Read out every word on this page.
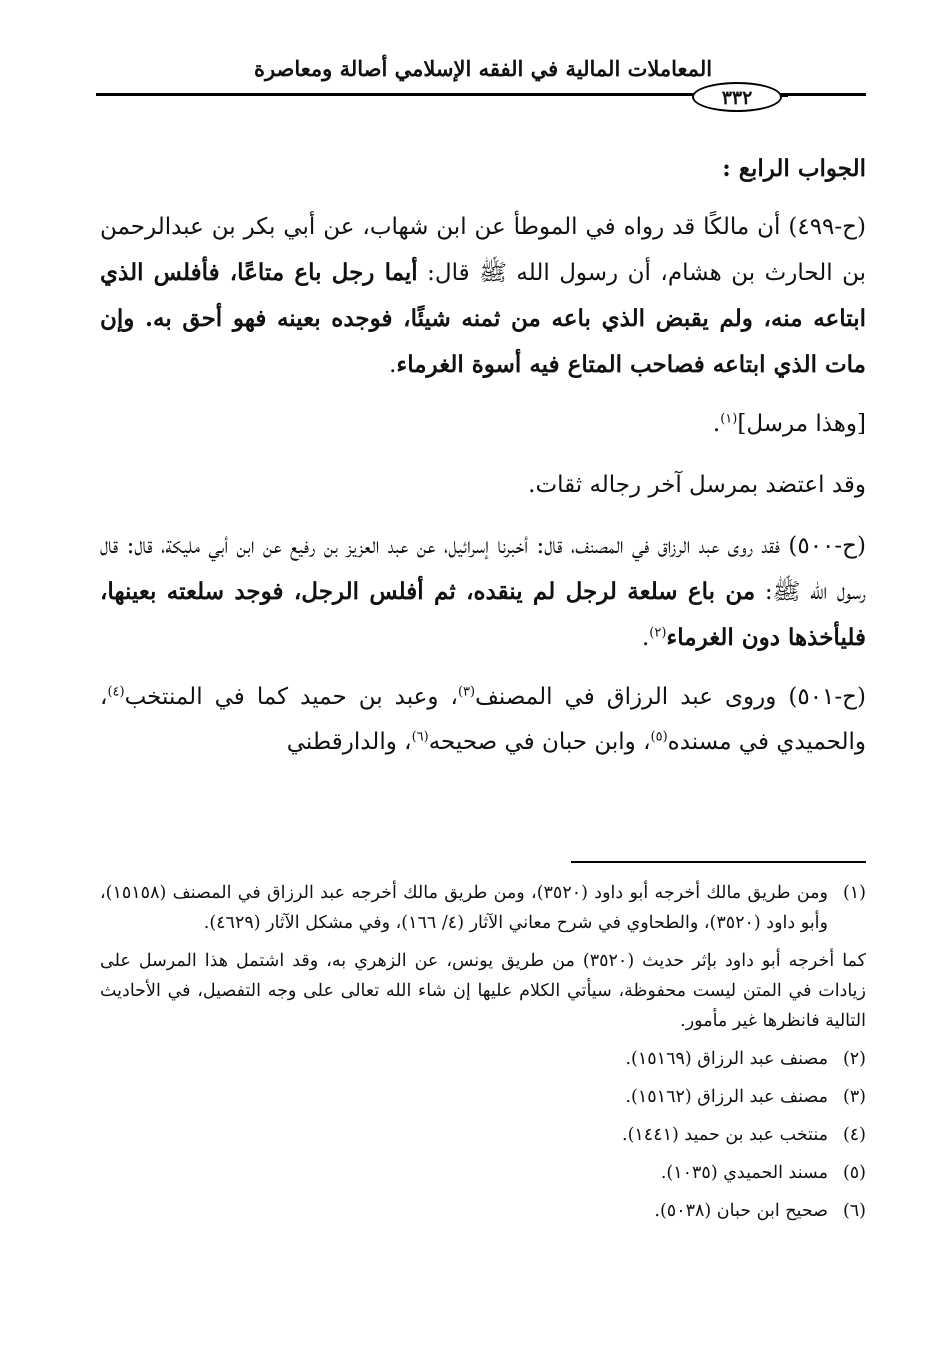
المعاملات المالية في الفقه الإسلامي أصالة ومعاصرة
٣٣٢

الجواب الرابع :

(ح-٤٩٩) أن مالكًا قد رواه في الموطأ عن ابن شهاب، عن أبي بكر بن عبدالرحمن بن الحارث بن هشام، أن رسول الله ﷺ قال: أيما رجل باع متاعًا، فأفلس الذي ابتاعه منه، ولم يقبض الذي باعه من ثمنه شيئًا، فوجده بعينه فهو أحق به. وإن مات الذي ابتاعه فصاحب المتاع فيه أسوة الغرماء.

[وهذا مرسل]$^{(١)}$.

وقد اعتضد بمرسل آخر رجاله ثقات.

(ح-٥٠٠) فقد روى عبد الرزاق في المصنف، قال: أخبرنا إسرائيل، عن عبد العزيز بن رفيع عن ابن أبي مليكة، قال: قال رسول الله ﷺ: من باع سلعة لرجل لم ينقده، ثم أفلس الرجل، فوجد سلعته بعينها، فليأخذها دون الغرماء$^{(٢)}$.

(ح-٥٠١) وروى عبد الرزاق في المصنف$^{(٣)}$، وعبد بن حميد كما في المنتخب$^{(٤)}$، والحميدي في مسنده$^{(٥)}$، وابن حبان في صحيحه$^{(٦)}$، والدارقطني

(١)
ومن طريق مالك أخرجه أبو داود (٣٥٢٠)، ومن طريق مالك أخرجه عبد الرزاق في المصنف (١٥١٥٨)، وأبو داود (٣٥٢٠)، والطحاوي في شرح معاني الآثار (٤/ ١٦٦)، وفي مشكل الآثار (٤٦٢٩).
كما أخرجه أبو داود بإثر حديث (٣٥٢٠) من طريق يونس، عن الزهري به، وقد اشتمل هذا المرسل على زيادات في المتن ليست محفوظة، سيأتي الكلام عليها إن شاء الله تعالى على وجه التفصيل، في الأحاديث التالية فانظرها غير مأمور.
(٢)
مصنف عبد الرزاق (١٥١٦٩).
(٣)
مصنف عبد الرزاق (١٥١٦٢).
(٤)
منتخب عبد بن حميد (١٤٤١).
(٥)
مسند الحميدي (١٠٣٥).
(٦)
صحيح ابن حبان (٥٠٣٨).
